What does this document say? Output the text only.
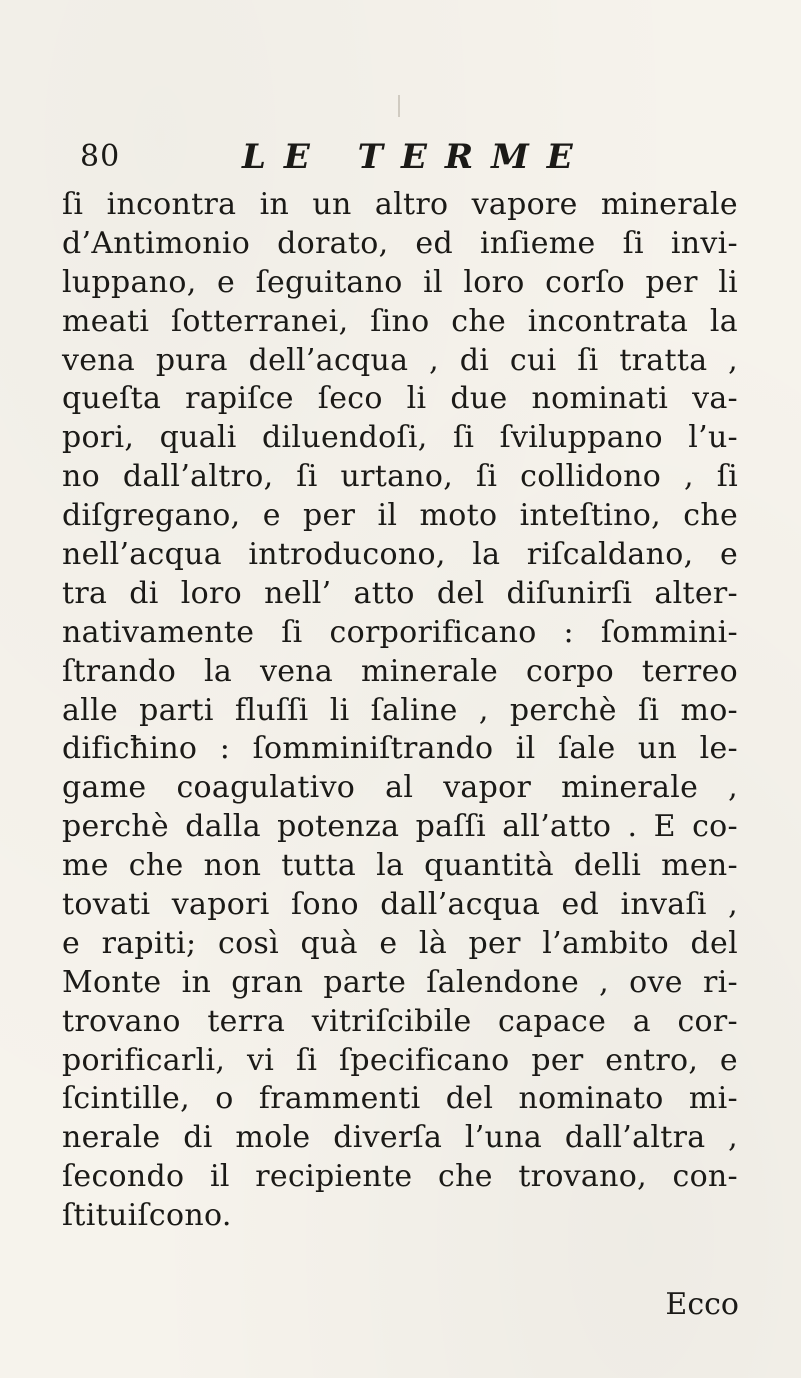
80	LE TERME
ſi incontra in un altro vapore minerale
d’Antimonio dorato, ed inſieme ſi invi-
luppano, e ſeguitano il loro corſo per li
meati ſotterranei, ſino che incontrata la
vena pura dell’acqua , di cui ſi tratta ,
queſta rapiſce ſeco li due nominati va-
pori, quali diluendoſi, ſi ſviluppano l’u-
no dall’altro, ſi urtano, ſi collidono , ſi
diſgregano, e per il moto inteſtino, che
nell’acqua introducono, la riſcaldano, e
tra di loro nell’ atto del diſunirſi alter-
nativamente ſi corporificano : ſommini-
ſtrando la vena minerale corpo terreo
alle parti fluſſi li ſaline , perchè ſi mo-
dificħino : ſomminiſtrando il ſale un le-
game coagulativo al vapor minerale ,
perchè dalla potenza paſſi all’atto . E co-
me che non tutta la quantità delli men-
tovati vapori ſono dall’acqua ed invaſi ,
e rapiti; così quà e là per l’ambito del
Monte in gran parte ſalendone , ove ri-
trovano terra vitriſcibile capace a cor-
porificarli, vi ſi ſpecificano per entro, e
ſcintille, o frammenti del nominato mi-
nerale di mole diverſa l’una dall’altra ,
ſecondo il recipiente che trovano, con-
ſtituiſcono.
Ecco
